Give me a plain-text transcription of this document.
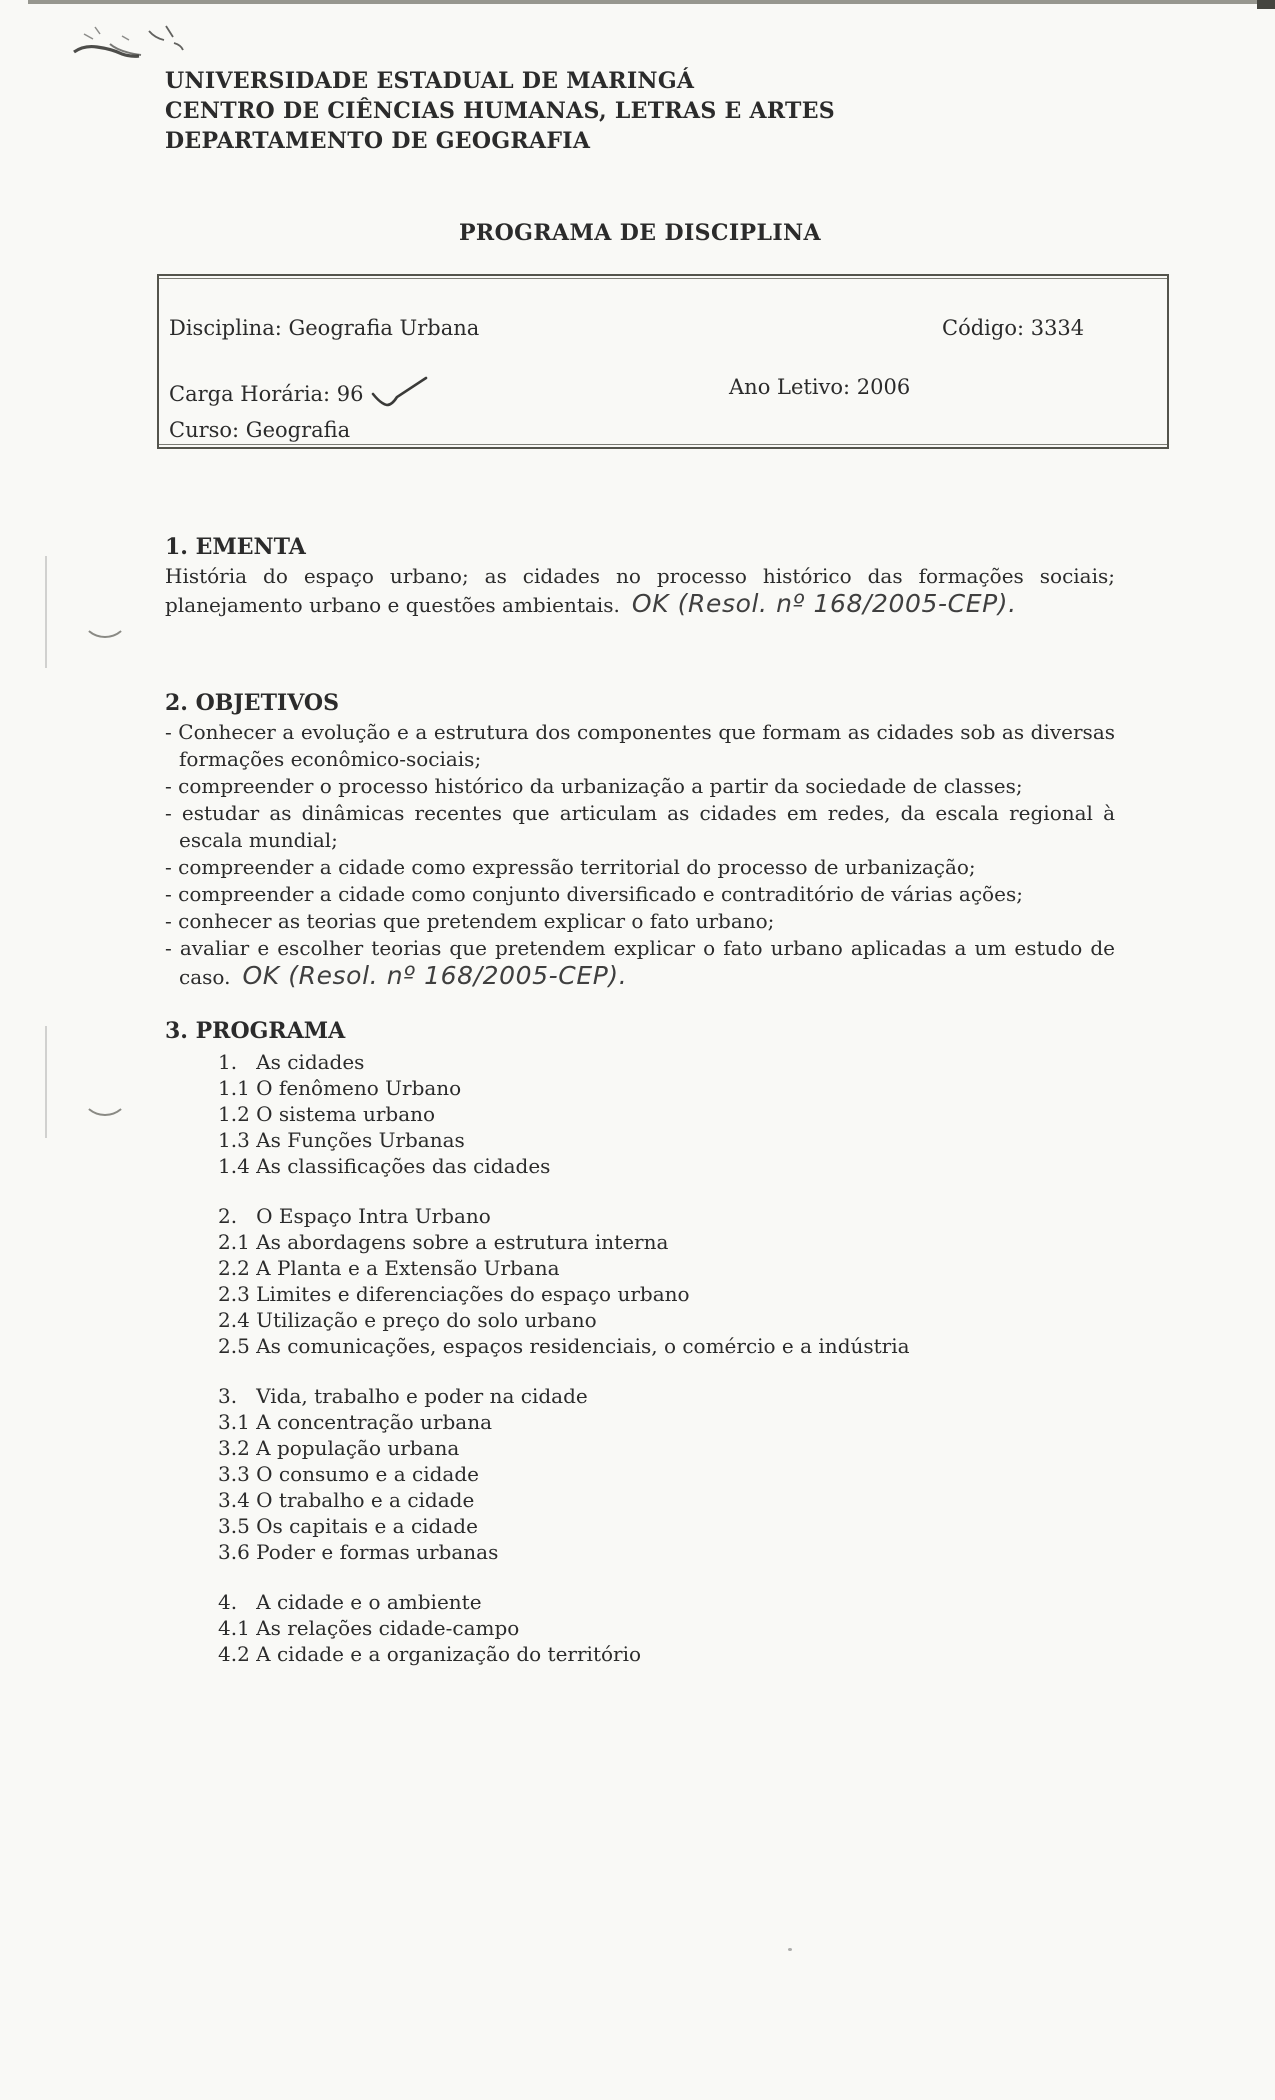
UNIVERSIDADE ESTADUAL DE MARINGÁ
CENTRO DE CIÊNCIAS HUMANAS, LETRAS E ARTES
DEPARTAMENTO DE GEOGRAFIA
PROGRAMA DE DISCIPLINA
Disciplina: Geografia Urbana	Código: 3334
Carga Horária: 96	Ano Letivo: 2006
Curso: Geografia
1. EMENTA
História do espaço urbano; as cidades no processo histórico das formações sociais; planejamento urbano e questões ambientais. OK (Resol. nº 168/2005-CEP).
2. OBJETIVOS
- Conhecer a evolução e a estrutura dos componentes que formam as cidades sob as diversas formações econômico-sociais;
- compreender o processo histórico da urbanização a partir da sociedade de classes;
- estudar as dinâmicas recentes que articulam as cidades em redes, da escala regional à escala mundial;
- compreender a cidade como expressão territorial do processo de urbanização;
- compreender a cidade como conjunto diversificado e contraditório de várias ações;
- conhecer as teorias que pretendem explicar o fato urbano;
- avaliar e escolher teorias que pretendem explicar o fato urbano aplicadas a um estudo de caso. OK (Resol. nº 168/2005-CEP).
3. PROGRAMA
1.   As cidades
1.1 O fenômeno Urbano
1.2 O sistema urbano
1.3 As Funções Urbanas
1.4 As classificações das cidades
2.   O Espaço Intra Urbano
2.1 As abordagens sobre a estrutura interna
2.2 A Planta e a Extensão Urbana
2.3 Limites e diferenciações do espaço urbano
2.4 Utilização e preço do solo urbano
2.5 As comunicações, espaços residenciais, o comércio e a indústria
3.   Vida, trabalho e poder na cidade
3.1 A concentração urbana
3.2 A população urbana
3.3 O consumo e a cidade
3.4 O trabalho e a cidade
3.5 Os capitais e a cidade
3.6 Poder e formas urbanas
4.   A cidade e o ambiente
4.1 As relações cidade-campo
4.2 A cidade e a organização do território
